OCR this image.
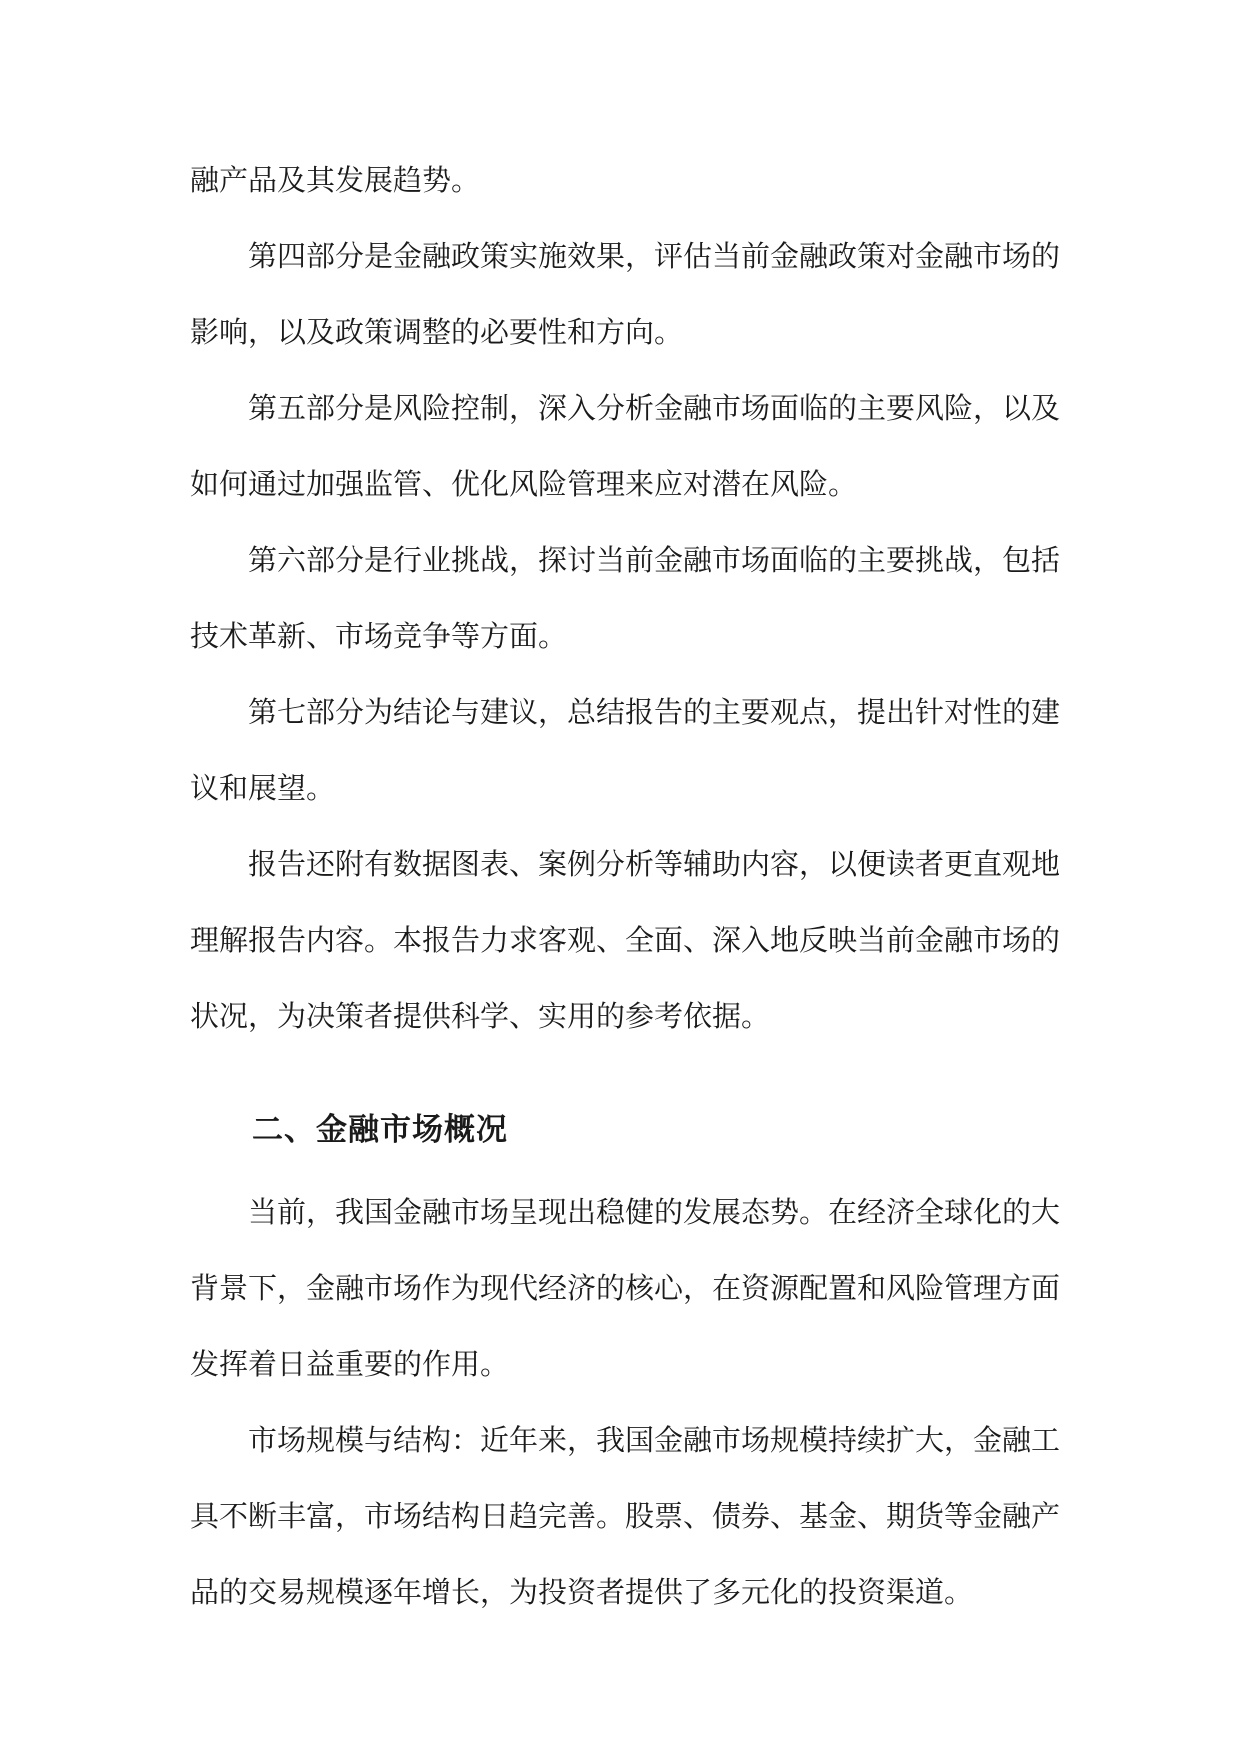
融产品及其发展趋势。

第四部分是金融政策实施效果，评估当前金融政策对金融市场的影响，以及政策调整的必要性和方向。

第五部分是风险控制，深入分析金融市场面临的主要风险，以及如何通过加强监管、优化风险管理来应对潜在风险。

第六部分是行业挑战，探讨当前金融市场面临的主要挑战，包括技术革新、市场竞争等方面。

第七部分为结论与建议，总结报告的主要观点，提出针对性的建议和展望。

报告还附有数据图表、案例分析等辅助内容，以便读者更直观地理解报告内容。本报告力求客观、全面、深入地反映当前金融市场的状况，为决策者提供科学、实用的参考依据。

二、金融市场概况

当前，我国金融市场呈现出稳健的发展态势。在经济全球化的大背景下，金融市场作为现代经济的核心，在资源配置和风险管理方面发挥着日益重要的作用。

市场规模与结构：近年来，我国金融市场规模持续扩大，金融工具不断丰富，市场结构日趋完善。股票、债券、基金、期货等金融产品的交易规模逐年增长，为投资者提供了多元化的投资渠道。
